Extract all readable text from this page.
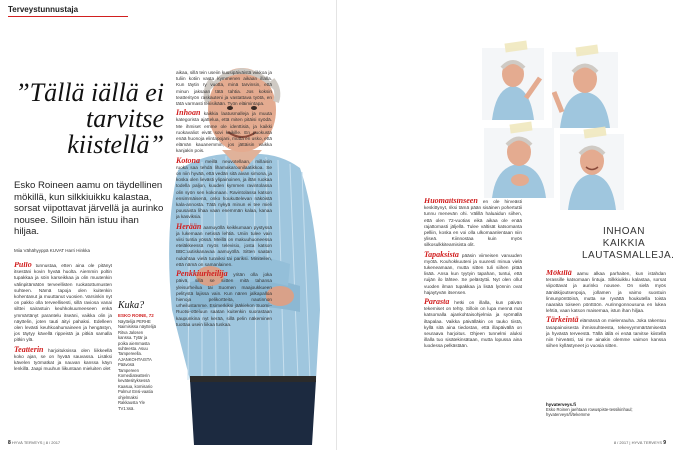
Terveystunnustaja
”Tällä iällä ei tarvitse kiistellä”
Esko Roineen aamu on täydellinen mökillä, kun silkkiuikku kalastaa, sorsat viipottavat järvellä ja aurinko nousee. Silloin hän istuu ihan hiljaa.
Miia Vähähyyppä KUVAT Harri Hinkka

Pullo tunnustaa, etten aina ole pitänyt itsestäni kovin hyvää huolta. Aiemmin poltin tupakkaa ja söin karseikkaa ja olin muutenkin välinpitämätön terveellisten ruokatottumusten suhteen. Nämä tapoja olen kuitenkin kohentanut ja muuttanut vuosien. Varsinkin nyt on pakko olla terveellisesti, sillä raviosa vanai silttei sairastuin keuhkokuumeeseen enkä ymmärtänyt parantelu itseäni, vaikka olin ja näyttelin, joten tauti äityi pahaksi. Edelleen olen levästi keuhkoahumaineen ja hengästyn, jos täytyy kävellä rippeistä ja pitkiä samalla pitkin ylä.

Teatterin harjoituksissa olen liikkeellä koko ajan, se on hyvää sauvassa. Lisäksi kävelen työmatkat ja nauvan kanssa käyn lenkillä. Jaapi muuhun liikuntaan mieluiten olet

Kuka?
ESKO ROINE, 72
Näyttelijä PERHE Naimisissa näyttelijä Ritva Jalosen kanssa. Tytär ja poika aiemmasta suhteesta. Asuu Tampereella. AJANKOHTAISTA Päävosä Tampereen Komediateatterin kevätesityksessä Kaasua, komisario Palmu! Ensi-vaatia ohjelmaksi Rakkausta Yle TV1:ssä.
8 HYVÄ TERVEYS | 8 / 2017

aikaa, sillä tein useiin kuusipäiväistä viikkoa ja tuliin kotiin vasta kymmenen aikaan illalla. Kun täytin ry vuotta, minä tarvinsin, että minun jaksaan tätä tahtia. Jos koksin teatterityön raskauteni ja vastattava työtä, en tätä varmasti tekisikään. Työn eläimintapa.

Inhoan kaikkia laatusmalleja ja muuta kategorista ajattelua, että miten pitäisi syödä. Me ihmiset emme ole identtisiä, ja kaikki ruokavaliot eivät sovi kaikille. En puokusta enää huonoja elintapojani, mutta en usko, että elämän kauanemmin, jos jättäisin vaikka kanjakin pois.

Kotona meillä neuvotellaan, millaisin ruoka saa tehdä lihamakaroonilaatikkoa. Se on niin hyvää, että vedän sitä aivan simona, ja koska olen lievästi ylipainoinen, ja iltän ruokaa todella paljon, kuuden kymmen ravintolassa olin syön sen kokonaan. Ravintolassa katson ensimmäisenä, onko houkuttelevan näköistä kala-annosta. Tätä nykyä minun ei tee mieli puusaista lihaa vaan enemmän kalaa, kanaa ja kasviksia.

Herään aamuyöllä keikkumaan pystyssä ja lukemaan netissä lehtiä. Uniin tulee vain viisi tuntia yössä. Meillä on makuuhuoneessa eteläkkeessä myös televisio, josta katson BBC:uutiskanavaa aamuyöllä. Sitten saatan nukahtaa vielä tunniksi tai pariksi. Miniteilen, että nämä on samanlainen.

Penkkiurheilija yritän olla joka päivä, sillä se siitten mitä tahansa yleisurheilua tai Suomen maajoukkueen pelitystä lajissa vain. Kun nären jalkapalloa hienoja pelikortteita, nautinnon urheilustamme. Esimerkiksi jääkiekon Suomi–Ruotsi-otteluun saatan kuitenkin suorastaan kaupunkina nyt kerää, sillä pelin näkeminen tuottaa usein liikaa tuskaa.

Huomaitsinseen en ole hirveästi keskittynyt, riksi tämä pään sisäinen pohertuttii tunnu menevän ohi. Välillä haluaidun siihen, että olen 72-vuotias eikä aikaa ole enää rajattomasti jäljellä. Tulee vältisät katsomanta pelliin, koska en voi olla ulkomaanlentaan niin yliseä. Kiinnostaa kuin myös silkosulkkiteamisista olit.

Tapaksista pääsin viimeisen vanuuden myötä. Kouhokkuuteni ja suuresti minua vielä tukeneamaan, mutta sitten tuli siihen pitää lisää. Ansa kun tyytyin tapahan, tuntui, että ruijän ilo lähtee. Se pelästyttii. Nyt olen ollut vuoden ilman tupakkaa ja lisää lyönnin ovat hajaytyvän itsensen.

Parasta hetki on illalla, kun päivän tekemiset on tehty. Silloin on lupa mennä mat katsomalla ajankohtaisohjelmia ja syömällä iltapalaa. Vaikka päivälläkin on tauko tiistä, kyllä sitä aina tiedostan, että illapäivällä on seuraava harjoitus. Ohjeen tunnelmi aluksi illalla tuo sisätekinsätaan, mutta lopussa aina luodessa pelkästään.

INHOAN KAIKKIA LAUTASMALLEJA.

Mökillä aamu alkaa parhaiten, kun istahdan terassille katsomaan lintuja. Silkkiuikku kalastaa, sorsat viipottavat ja aurinko nousee. On sielä myös ääniäkijoutsenpoja, jollamen ja vaimo suostuin linnunpönttöinä, mutta se ryvättä houkutella toista naaraita toiseen pönttöön. Aurinngonnousuna en lukea lehtiä, vaan katson maisemaa, istun ihan hiljaa.

Tärkeintä elämässä on mielenrauha. Joka rakentuu tasapainoisesta ihmissuhteesta, tekevyymmärtämisestä ja hyvästä terveestä. Tällä iällä ei enää tarvitse kiistellä niin hirveästi, tai me ainakin olemme vaimon kanssa siihen kyllästyneet jo vuosia sitten.

hyvaterveys.fi
Esko Roinen jaehtaan rowuspiste-tessikinhaul; hyvaterveys/fi/tekemme
8 / 2017 | HYVÄ TERVEYS 9
